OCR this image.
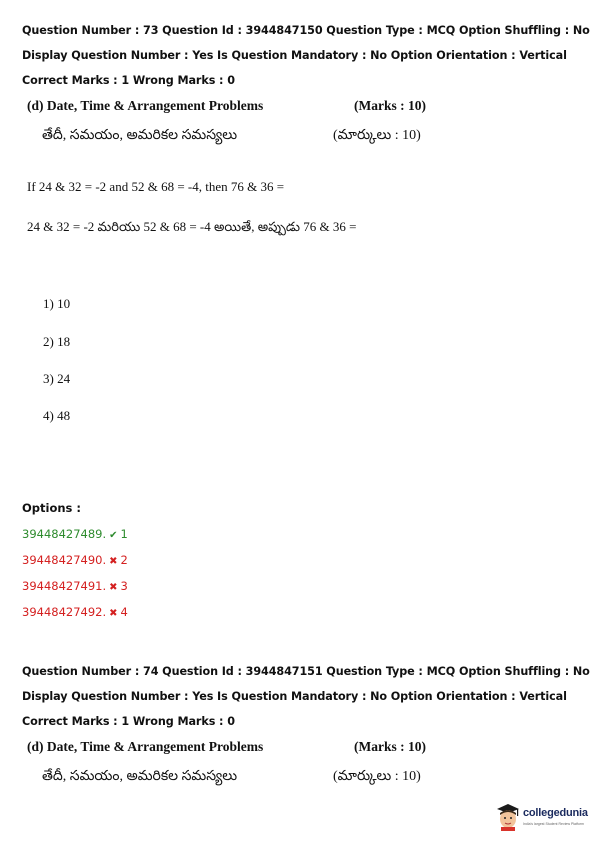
Question Number : 73 Question Id : 3944847150 Question Type : MCQ Option Shuffling : No
Display Question Number : Yes Is Question Mandatory : No Option Orientation : Vertical
Correct Marks : 1 Wrong Marks : 0
(d) Date, Time & Arrangement Problems	(Marks : 10)
తేదీ, సమయం, అమరికల సమస్యలు	(మార్కులు : 10)
If 24 & 32 = -2 and 52 & 68 = -4, then 76 & 36 =
24 & 32 = -2 మరియు 52 & 68 = -4 అయితే, అప్పుడు 76 & 36 =
1) 10
2) 18
3) 24
4) 48
Options :
39448427489. ✔ 1
39448427490. ✖ 2
39448427491. ✖ 3
39448427492. ✖ 4
Question Number : 74 Question Id : 3944847151 Question Type : MCQ Option Shuffling : No
Display Question Number : Yes Is Question Mandatory : No Option Orientation : Vertical
Correct Marks : 1 Wrong Marks : 0
(d) Date, Time & Arrangement Problems	(Marks : 10)
తేదీ, సమయం, అమరికల సమస్యలు	(మార్కులు : 10)
collegedunia
India's largest Student Review Platform
